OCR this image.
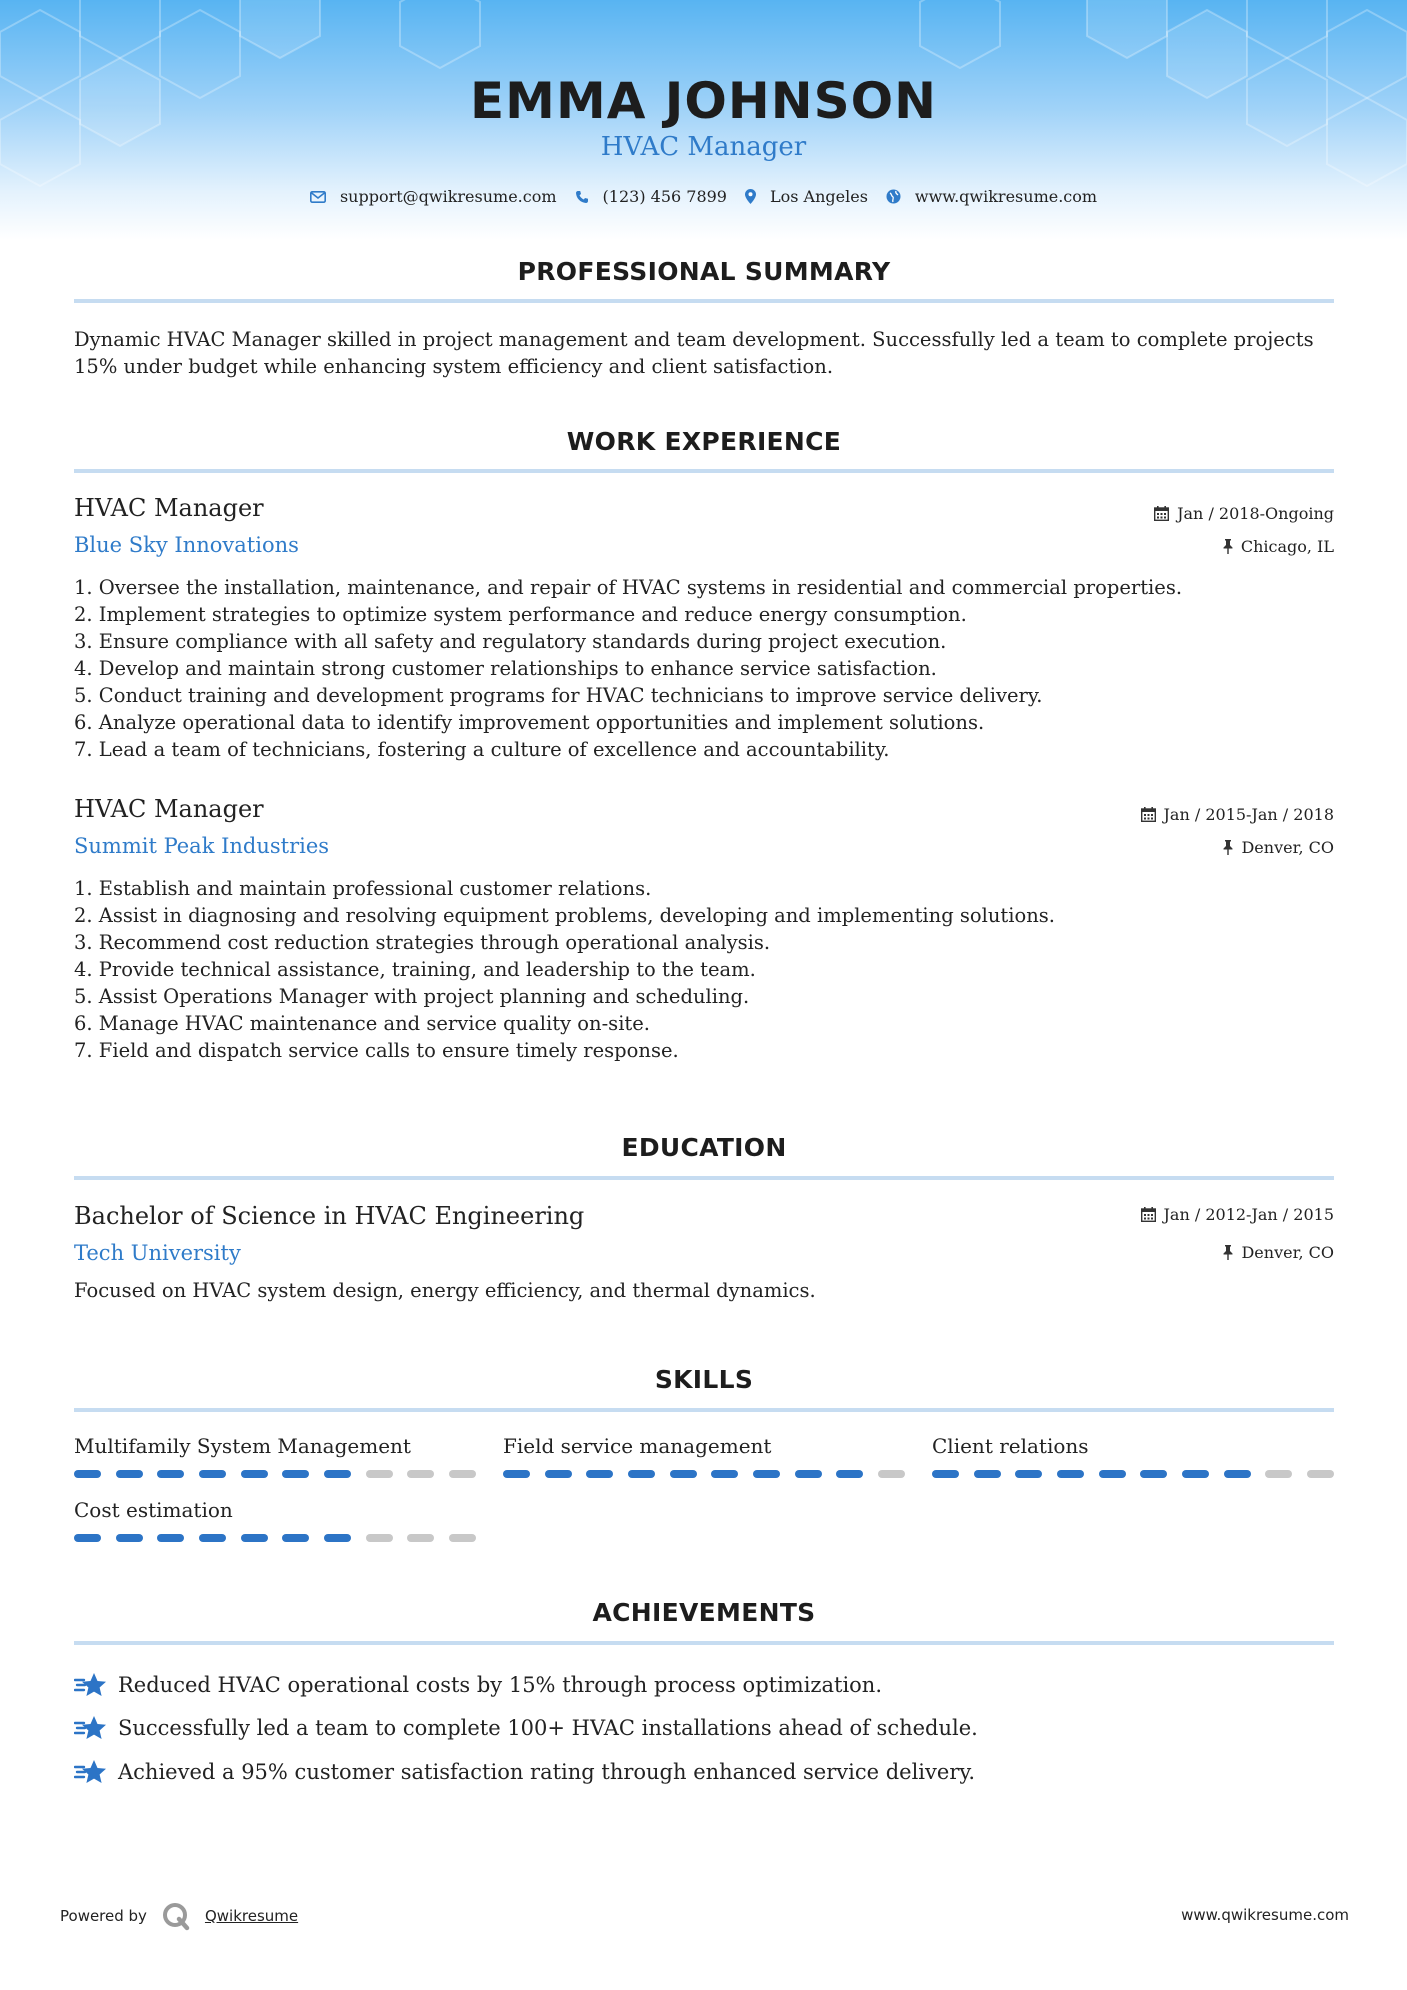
EMMA JOHNSON
HVAC Manager
support@qwikresume.com	(123) 456 7899	Los Angeles	www.qwikresume.com
PROFESSIONAL SUMMARY
Dynamic HVAC Manager skilled in project management and team development. Successfully led a team to complete projects 15% under budget while enhancing system efficiency and client satisfaction.
WORK EXPERIENCE
HVAC Manager	Jan / 2018-Ongoing
Blue Sky Innovations	Chicago, IL
1. Oversee the installation, maintenance, and repair of HVAC systems in residential and commercial properties.
2. Implement strategies to optimize system performance and reduce energy consumption.
3. Ensure compliance with all safety and regulatory standards during project execution.
4. Develop and maintain strong customer relationships to enhance service satisfaction.
5. Conduct training and development programs for HVAC technicians to improve service delivery.
6. Analyze operational data to identify improvement opportunities and implement solutions.
7. Lead a team of technicians, fostering a culture of excellence and accountability.
HVAC Manager	Jan / 2015-Jan / 2018
Summit Peak Industries	Denver, CO
1. Establish and maintain professional customer relations.
2. Assist in diagnosing and resolving equipment problems, developing and implementing solutions.
3. Recommend cost reduction strategies through operational analysis.
4. Provide technical assistance, training, and leadership to the team.
5. Assist Operations Manager with project planning and scheduling.
6. Manage HVAC maintenance and service quality on-site.
7. Field and dispatch service calls to ensure timely response.
EDUCATION
Bachelor of Science in HVAC Engineering	Jan / 2012-Jan / 2015
Tech University	Denver, CO
Focused on HVAC system design, energy efficiency, and thermal dynamics.
SKILLS
Multifamily System Management	Field service management	Client relations
Cost estimation
ACHIEVEMENTS
Reduced HVAC operational costs by 15% through process optimization.
Successfully led a team to complete 100+ HVAC installations ahead of schedule.
Achieved a 95% customer satisfaction rating through enhanced service delivery.
Powered by	Qwikresume	www.qwikresume.com
